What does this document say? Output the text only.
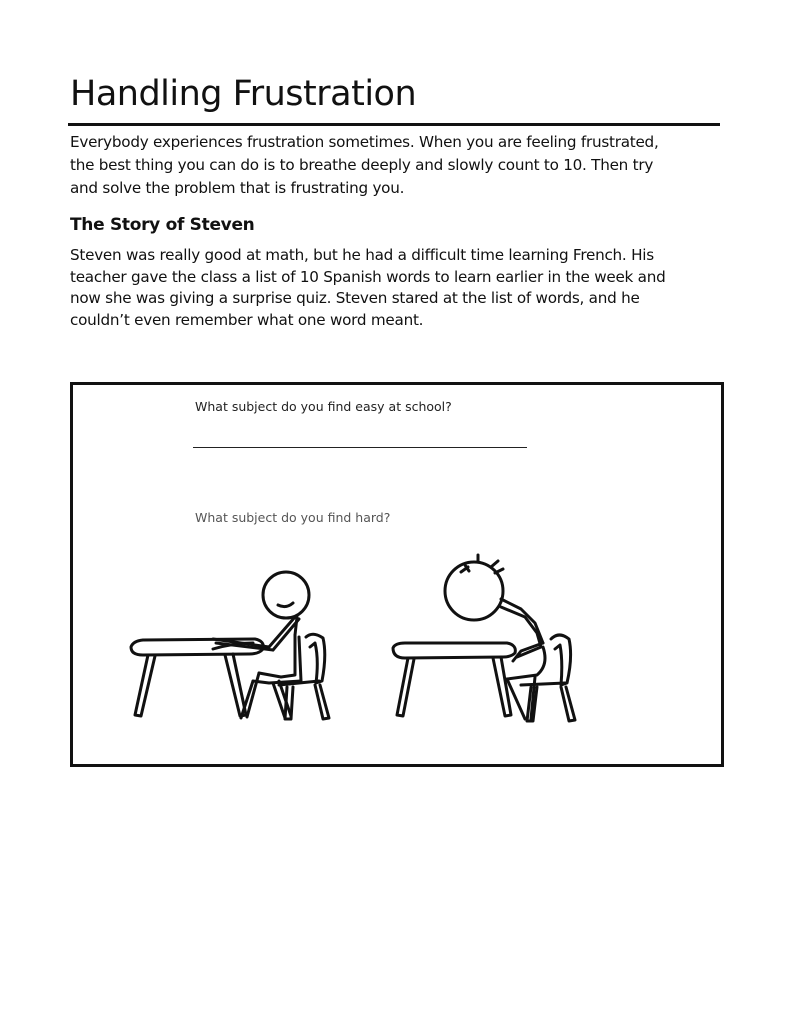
Handling Frustration
Everybody experiences frustration sometimes. When you are feeling frustrated,
the best thing you can do is to breathe deeply and slowly count to 10. Then try
and solve the problem that is frustrating you.
The Story of Steven
Steven was really good at math, but he had a difficult time learning French. His
teacher gave the class a list of 10 Spanish words to learn earlier in the week and
now she was giving a surprise quiz. Steven stared at the list of words, and he
couldn’t even remember what one word meant.
What subject do you find easy at school?
What subject do you find hard?
